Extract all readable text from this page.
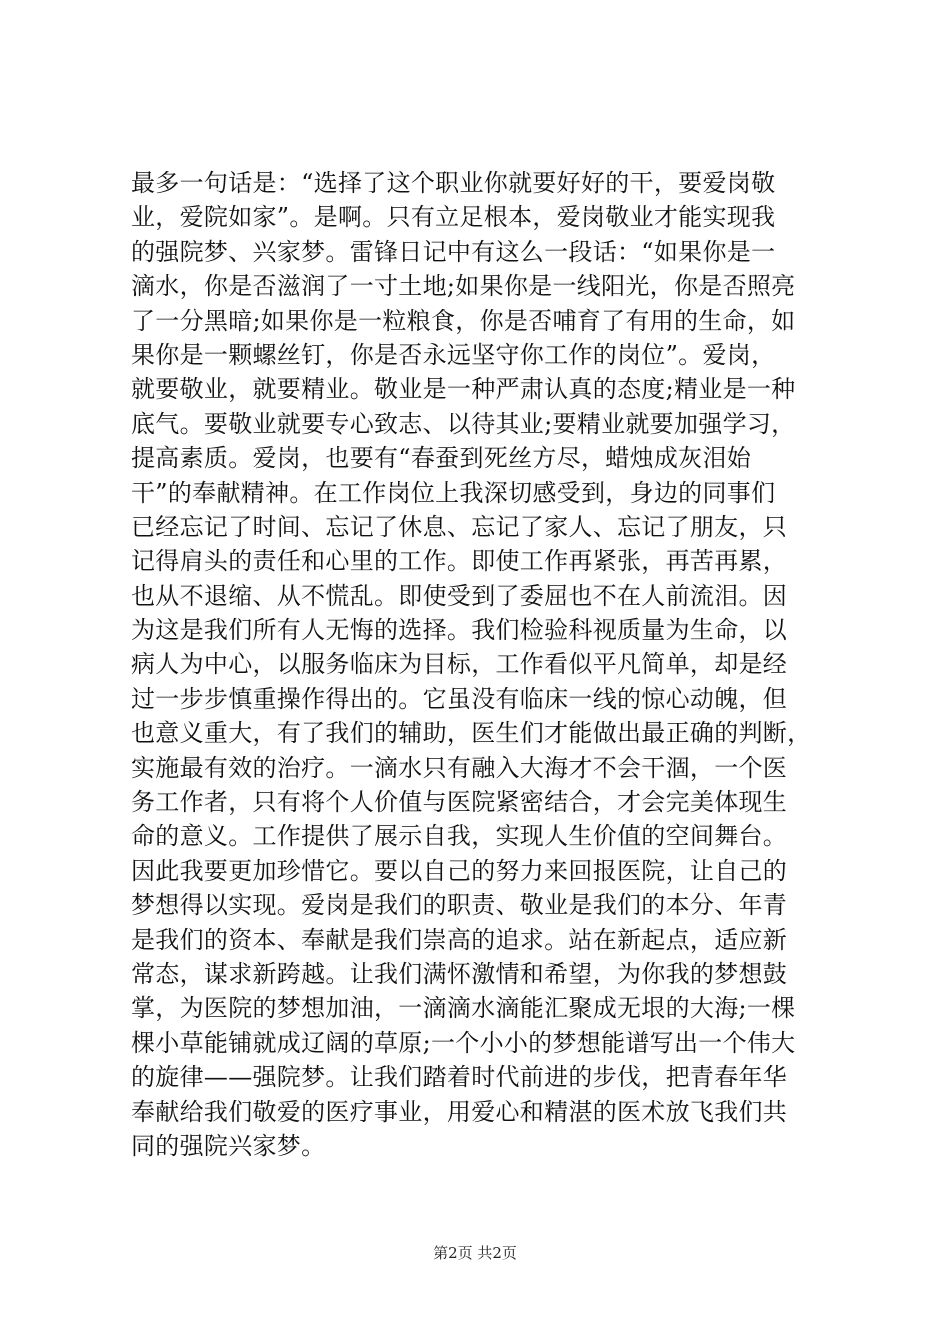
最多一句话是：“选择了这个职业你就要好好的干，要爱岗敬
业，爱院如家”。是啊。只有立足根本，爱岗敬业才能实现我
的强院梦、兴家梦。雷锋日记中有这么一段话：“如果你是一
滴水，你是否滋润了一寸土地;如果你是一线阳光，你是否照亮
了一分黑暗;如果你是一粒粮食，你是否哺育了有用的生命，如
果你是一颗螺丝钉，你是否永远坚守你工作的岗位”。爱岗，
就要敬业，就要精业。敬业是一种严肃认真的态度;精业是一种
底气。要敬业就要专心致志、以待其业;要精业就要加强学习，
提高素质。爱岗，也要有“春蚕到死丝方尽，蜡烛成灰泪始
干”的奉献精神。在工作岗位上我深切感受到，身边的同事们
已经忘记了时间、忘记了休息、忘记了家人、忘记了朋友，只
记得肩头的责任和心里的工作。即使工作再紧张，再苦再累，
也从不退缩、从不慌乱。即使受到了委屈也不在人前流泪。因
为这是我们所有人无悔的选择。我们检验科视质量为生命，以
病人为中心，以服务临床为目标，工作看似平凡简单，却是经
过一步步慎重操作得出的。它虽没有临床一线的惊心动魄，但
也意义重大，有了我们的辅助，医生们才能做出最正确的判断，
实施最有效的治疗。一滴水只有融入大海才不会干涸，一个医
务工作者，只有将个人价值与医院紧密结合，才会完美体现生
命的意义。工作提供了展示自我，实现人生价值的空间舞台。
因此我要更加珍惜它。要以自己的努力来回报医院，让自己的
梦想得以实现。爱岗是我们的职责、敬业是我们的本分、年青
是我们的资本、奉献是我们崇高的追求。站在新起点，适应新
常态，谋求新跨越。让我们满怀激情和希望，为你我的梦想鼓
掌，为医院的梦想加油，一滴滴水滴能汇聚成无垠的大海;一棵
棵小草能铺就成辽阔的草原;一个小小的梦想能谱写出一个伟大
的旋律——强院梦。让我们踏着时代前进的步伐，把青春年华
奉献给我们敬爱的医疗事业，用爱心和精湛的医术放飞我们共
同的强院兴家梦。
第2页 共2页
